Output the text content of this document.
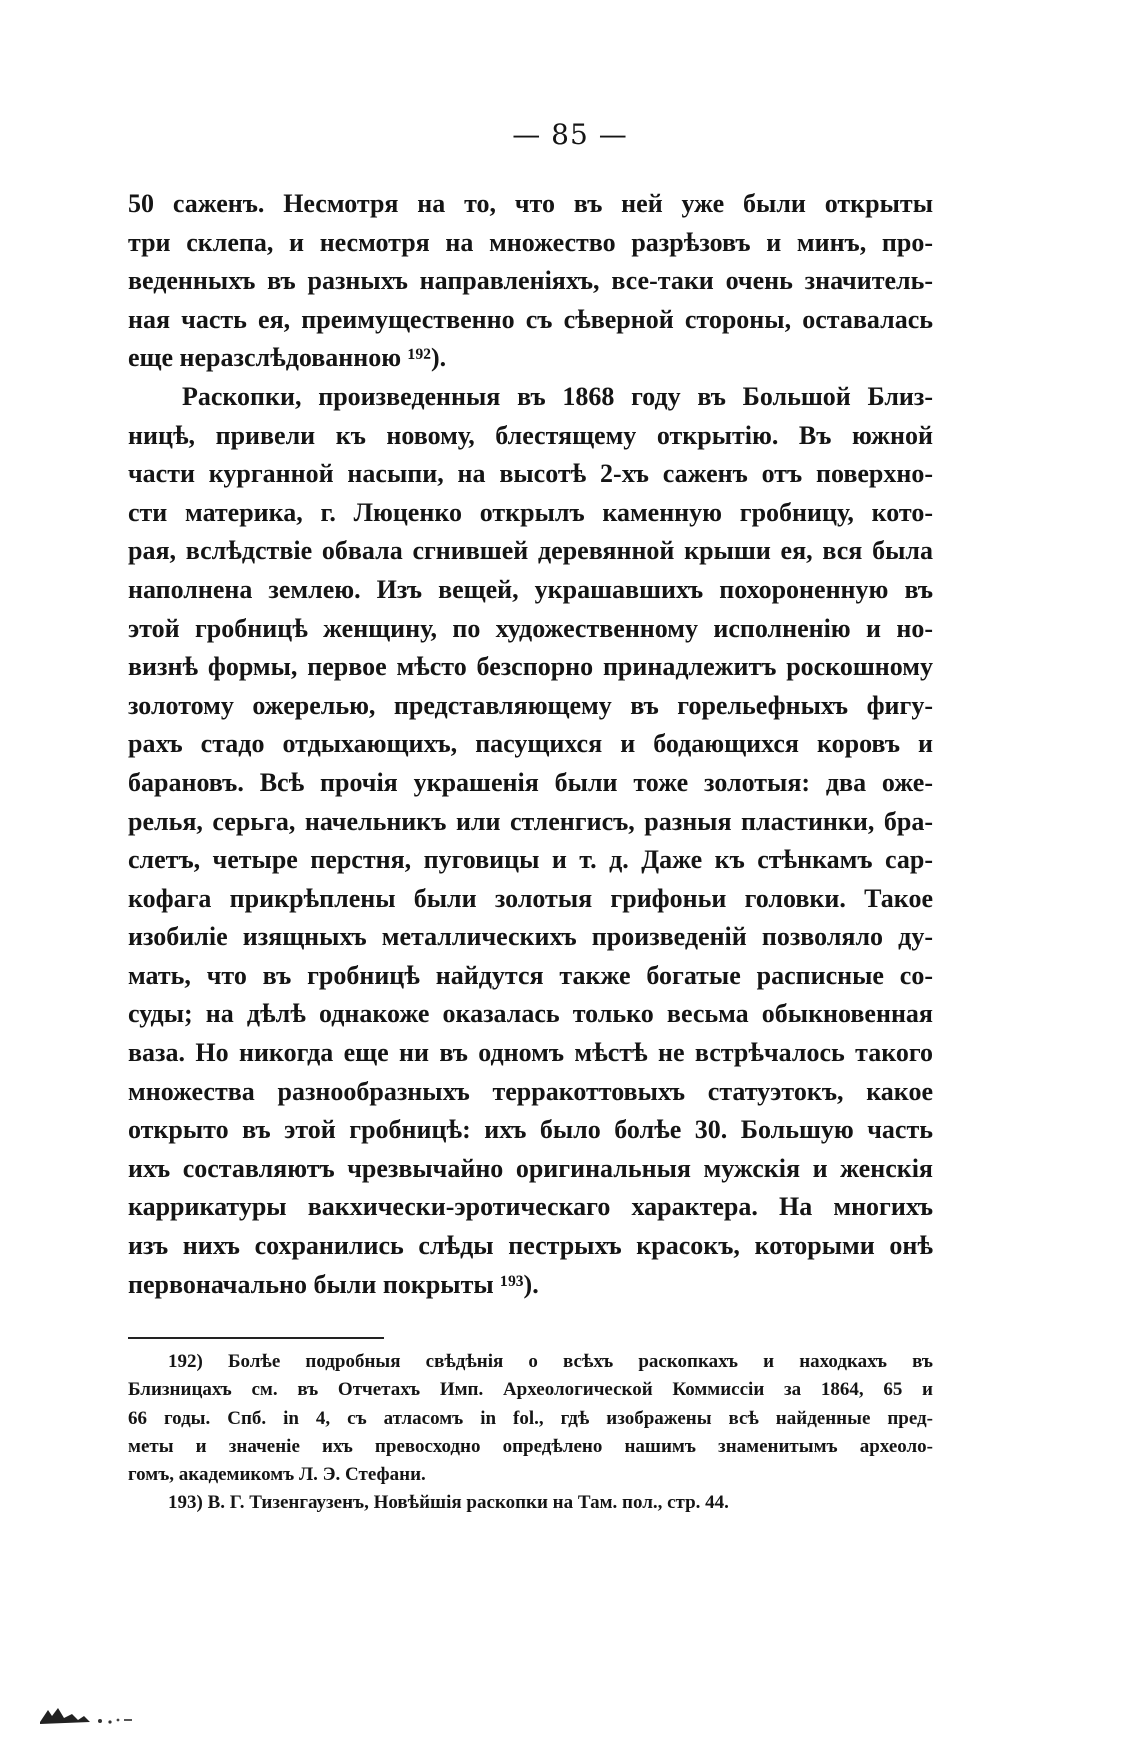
— 85 —
50 саженъ. Несмотря на то, что въ ней уже были открыты
три склепа, и несмотря на множество разрѣзовъ и минъ, про-
веденныхъ въ разныхъ направленіяхъ, все-таки очень значитель-
ная часть ея, преимущественно съ сѣверной стороны, оставалась
еще неразслѣдованною ¹⁹²).
Раскопки, произведенныя въ 1868 году въ Большой Близ-
ницѣ, привели къ новому, блестящему открытію. Въ южной
части курганной насыпи, на высотѣ 2-хъ саженъ отъ поверхно-
сти материка, г. Люценко открылъ каменную гробницу, кото-
рая, вслѣдствіе обвала сгнившей деревянной крыши ея, вся была
наполнена землею. Изъ вещей, украшавшихъ похороненную въ
этой гробницѣ женщину, по художественному исполненію и но-
визнѣ формы, первое мѣсто безспорно принадлежитъ роскошному
золотому ожерелью, представляющему въ горельефныхъ фигу-
рахъ стадо отдыхающихъ, пасущихся и бодающихся коровъ и
барановъ. Всѣ прочія украшенія были тоже золотыя: два оже-
релья, серьга, начельникъ или стленгисъ, разныя пластинки, бра-
слетъ, четыре перстня, пуговицы и т. д. Даже къ стѣнкамъ сар-
кофага прикрѣплены были золотыя грифоньи головки. Такое
изобиліе изящныхъ металлическихъ произведеній позволяло ду-
мать, что въ гробницѣ найдутся также богатые расписные со-
суды; на дѣлѣ однакоже оказалась только весьма обыкновенная
ваза. Но никогда еще ни въ одномъ мѣстѣ не встрѣчалось такого
множества разнообразныхъ терракоттовыхъ статуэтокъ, какое
открыто въ этой гробницѣ: ихъ было болѣе 30. Большую часть
ихъ составляютъ чрезвычайно оригинальныя мужскія и женскія
каррикатуры вакхически-эротическаго характера. На многихъ
изъ нихъ сохранились слѣды пестрыхъ красокъ, которыми онѣ
первоначально были покрыты ¹⁹³).
192) Болѣе подробныя свѣдѣнія о всѣхъ раскопкахъ и находкахъ въ
Близницахъ см. въ Отчетахъ Имп. Археологической Коммиссіи за 1864, 65 и
66 годы. Спб. in 4, съ атласомъ in fol., гдѣ изображены всѣ найденные пред-
меты и значеніе ихъ превосходно опредѣлено нашимъ знаменитымъ археоло-
гомъ, академикомъ Л. Э. Стефани.
193) В. Г. Тизенгаузенъ, Новѣйшія раскопки на Там. пол., стр. 44.
